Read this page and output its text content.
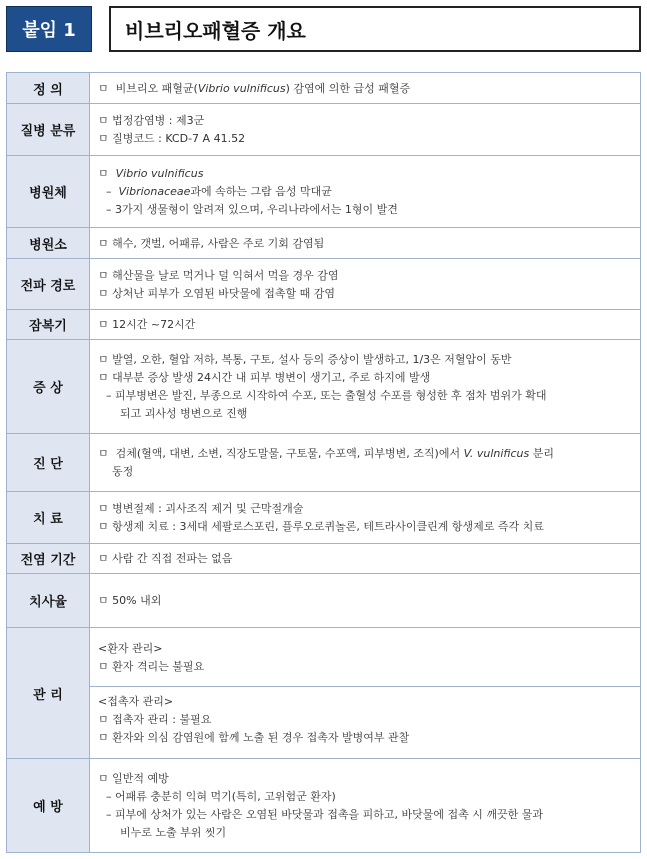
붙임 1	비브리오패혈증 개요
정 의	ㅁ 비브리오 패혈균(Vibrio vulnificus) 감염에 의한 급성 패혈증

질병 분류	ㅁ 법정감염병 : 제3군
ㅁ 질병코드 : KCD-7 A 41.52

병원체	ㅁ Vibrio vulnificus
– Vibrionaceae과에 속하는 그람 음성 막대균
– 3가지 생물형이 알려져 있으며, 우리나라에서는 1형이 발견

병원소	ㅁ 해수, 갯벌, 어패류, 사람은 주로 기회 감염됨

전파 경로	ㅁ 해산물을 날로 먹거나 덜 익혀서 먹을 경우 감염
ㅁ 상처난 피부가 오염된 바닷물에 접촉할 때 감염

잠복기	ㅁ 12시간 ~72시간

증 상	ㅁ 발열, 오한, 혈압 저하, 복통, 구토, 설사 등의 증상이 발생하고, 1/3은 저혈압이 동반
ㅁ 대부분 증상 발생 24시간 내 피부 병변이 생기고, 주로 하지에 발생
– 피부병변은 발진, 부종으로 시작하여 수포, 또는 출혈성 수포를 형성한 후 점차 범위가 확대
되고 괴사성 병변으로 진행

진 단	ㅁ 검체(혈액, 대변, 소변, 직장도말물, 구토물, 수포액, 피부병변, 조직)에서 V. vulnificus 분리
동정

치 료	ㅁ 병변절제 : 괴사조직 제거 및 근막절개술
ㅁ 항생제 치료 : 3세대 세팔로스포린, 플루오로퀴놀론, 테트라사이클린계 항생제로 즉각 치료

전염 기간	ㅁ 사람 간 직접 전파는 없음

치사율	ㅁ 50% 내외

관 리	<환자 관리>
ㅁ 환자 격리는 불필요
<접촉자 관리>
ㅁ 접촉자 관리 : 불필요
ㅁ 환자와 의심 감염원에 함께 노출 된 경우 접촉자 발병여부 관찰

예 방	ㅁ 일반적 예방
– 어패류 충분히 익혀 먹기(특히, 고위험군 환자)
– 피부에 상처가 있는 사람은 오염된 바닷물과 접촉을 피하고, 바닷물에 접촉 시 깨끗한 물과
비누로 노출 부위 씻기
